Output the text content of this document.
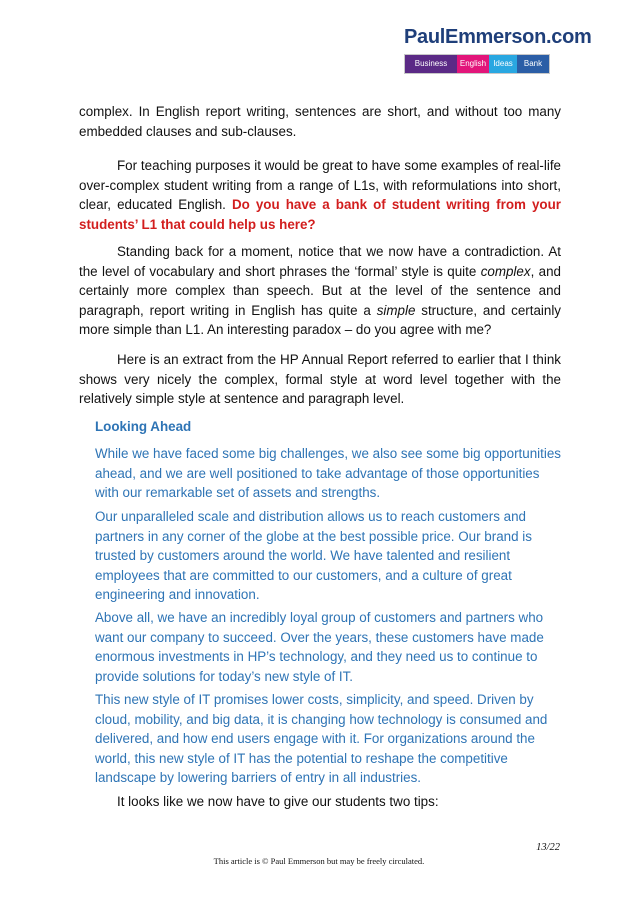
PaulEmmerson.com
Business	English Ideas	Bank

complex. In English report writing, sentences are short, and without too many embedded clauses and sub-clauses.

For teaching purposes it would be great to have some examples of real-life over-complex student writing from a range of L1s, with reformulations into short, clear, educated English. Do you have a bank of student writing from your students’ L1 that could help us here?

Standing back for a moment, notice that we now have a contradiction. At the level of vocabulary and short phrases the ‘formal’ style is quite complex, and certainly more complex than speech. But at the level of the sentence and paragraph, report writing in English has quite a simple structure, and certainly more simple than L1. An interesting paradox – do you agree with me?

Here is an extract from the HP Annual Report referred to earlier that I think shows very nicely the complex, formal style at word level together with the relatively simple style at sentence and paragraph level.

Looking Ahead

While we have faced some big challenges, we also see some big opportunities ahead, and we are well positioned to take advantage of those opportunities with our remarkable set of assets and strengths.

Our unparalleled scale and distribution allows us to reach customers and partners in any corner of the globe at the best possible price. Our brand is trusted by customers around the world. We have talented and resilient employees that are committed to our customers, and a culture of great engineering and innovation.

Above all, we have an incredibly loyal group of customers and partners who want our company to succeed. Over the years, these customers have made enormous investments in HP’s technology, and they need us to continue to provide solutions for today’s new style of IT.

This new style of IT promises lower costs, simplicity, and speed. Driven by cloud, mobility, and big data, it is changing how technology is consumed and delivered, and how end users engage with it. For organizations around the world, this new style of IT has the potential to reshape the competitive landscape by lowering barriers of entry in all industries.

It looks like we now have to give our students two tips:
13/22
This article is © Paul Emmerson but may be freely circulated.
